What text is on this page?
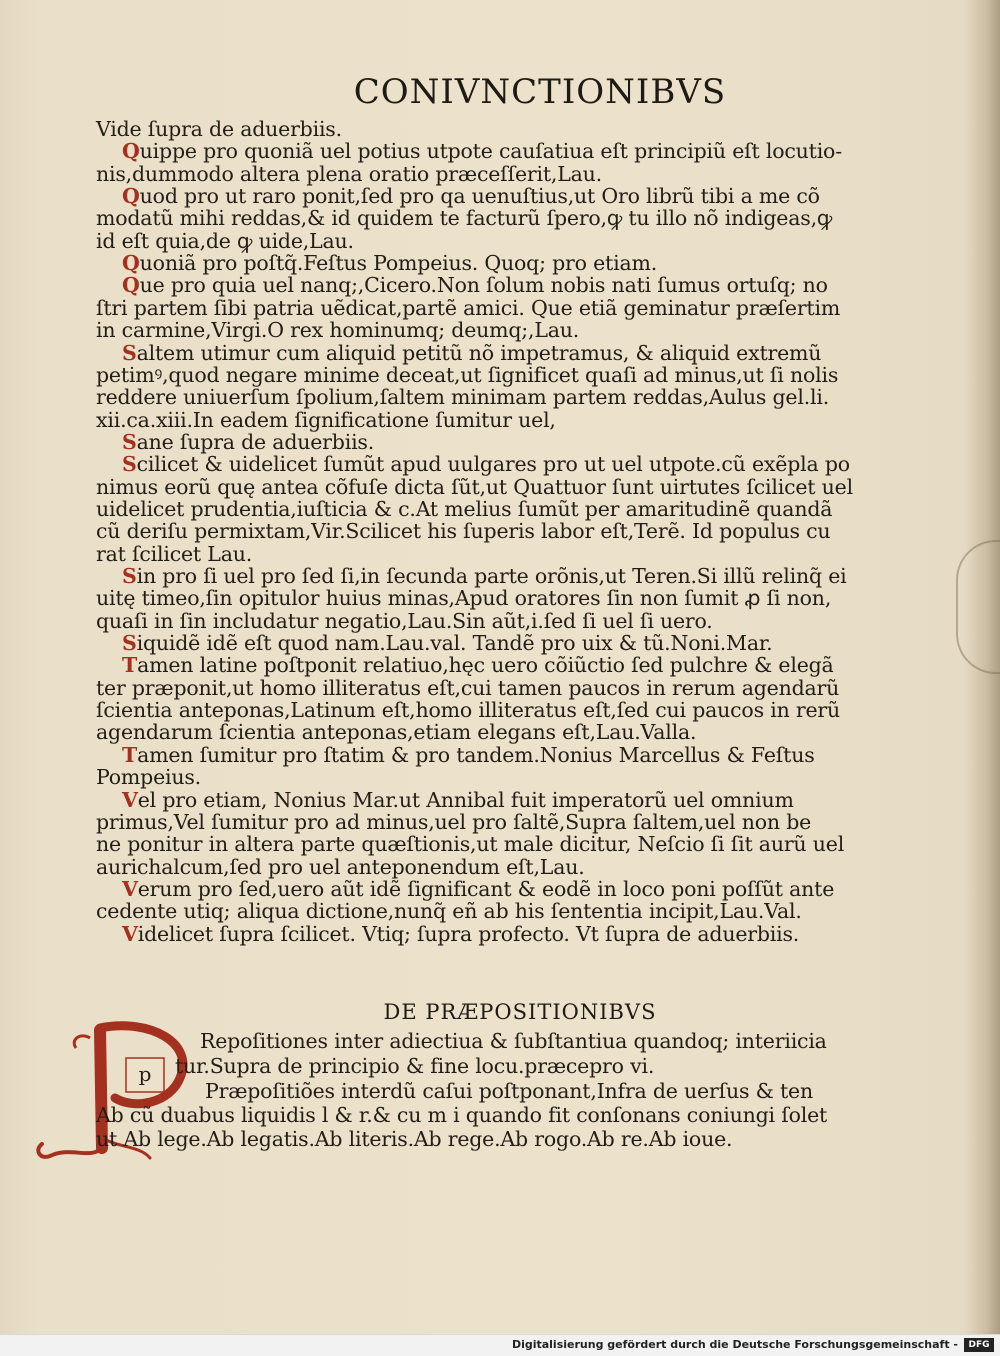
CONIVNCTIONIBVS
Vide ſupra de aduerbiis.
Quippe pro quoniã uel potius utpote cauſatiua eſt principiũ eſt locutio-
nis,dummodo altera plena oratio præceſſerit,Lau.
Quod pro ut raro ponit,ſed pro qa uenuſtius,ut Oro librũ tibi a me cõ
modatũ mihi reddas,& id quidem te facturũ ſpero,ꝙ tu illo nõ indigeas,ꝙ
id eſt quia,de ꝙ uide,Lau.
Quoniã pro poſtq̃.Feſtus Pompeius. Quoq; pro etiam.
Que pro quia uel nanq;,Cicero.Non ſolum nobis nati ſumus ortuſq; no
ſtri partem ſibi patria uẽdicat,partẽ amici. Que etiã geminatur præſertim
in carmine,Virgi.O rex hominumq; deumq;,Lau.
Saltem utimur cum aliquid petitũ nõ impetramus, & aliquid extremũ
petimꝰ,quod negare minime deceat,ut ſignificet quaſi ad minus,ut ſi nolis
reddere uniuerſum ſpolium,ſaltem minimam partem reddas,Aulus gel.li.
xii.ca.xiii.In eadem ſignificatione ſumitur uel,
Sane ſupra de aduerbiis.
Scilicet & uidelicet ſumũt apud uulgares pro ut uel utpote.cũ exẽpla po
nimus eorũ quę antea cõfuſe dicta ſũt,ut Quattuor ſunt uirtutes ſcilicet uel
uidelicet prudentia,iuſticia & c.At melius ſumũt per amaritudinẽ quandã
cũ deriſu permixtam,Vir.Scilicet his ſuperis labor eſt,Terẽ. Id populus cu
rat ſcilicet Lau.
Sin pro ſi uel pro ſed ſi,in ſecunda parte orõnis,ut Teren.Si illũ relinq̃ ei
uitę timeo,ſin opitulor huius minas,Apud oratores ſin non ſumit ꝓ ſi non,
quaſi in ſin includatur negatio,Lau.Sin aũt,i.ſed ſi uel ſi uero.
Siquidẽ idẽ eſt quod nam.Lau.val. Tandẽ pro uix & tũ.Noni.Mar.
Tamen latine poſtponit relatiuo,hęc uero cõiũctio ſed pulchre & elegã
ter præponit,ut homo illiteratus eſt,cui tamen paucos in rerum agendarũ
ſcientia anteponas,Latinum eſt,homo illiteratus eſt,ſed cui paucos in rerũ
agendarum ſcientia anteponas,etiam elegans eſt,Lau.Valla.
Tamen ſumitur pro ſtatim & pro tandem.Nonius Marcellus & Feſtus
Pompeius.
Vel pro etiam, Nonius Mar.ut Annibal fuit imperatorũ uel omnium
primus,Vel ſumitur pro ad minus,uel pro ſaltẽ,Supra ſaltem,uel non be
ne ponitur in altera parte quæſtionis,ut male dicitur, Neſcio ſi ſit aurũ uel
aurichalcum,ſed pro uel anteponendum eſt,Lau.
Verum pro ſed,uero aũt idẽ ſignificant & eodẽ in loco poni poſſũt ante
cedente utiq; aliqua dictione,nunq̃ eñ ab his ſententia incipit,Lau.Val.
Videlicet ſupra ſcilicet. Vtiq; ſupra profecto. Vt ſupra de aduerbiis.
DE PRÆPOSITIONIBVS
p
P
Repoſitiones inter adiectiua & ſubſtantiua quandoq; interiicia
tur.Supra de principio & fine locu.præcepro vi.
Præpoſitiões interdũ caſui poſtponant,Infra de uerſus & ten
Ab cũ duabus liquidis l & r.& cu m i quando fit conſonans coniungi ſolet
ut Ab lege.Ab legatis.Ab literis.Ab rege.Ab rogo.Ab re.Ab ioue.
Digitalisierung gefördert durch die Deutsche Forschungsgemeinschaft -	DFG
